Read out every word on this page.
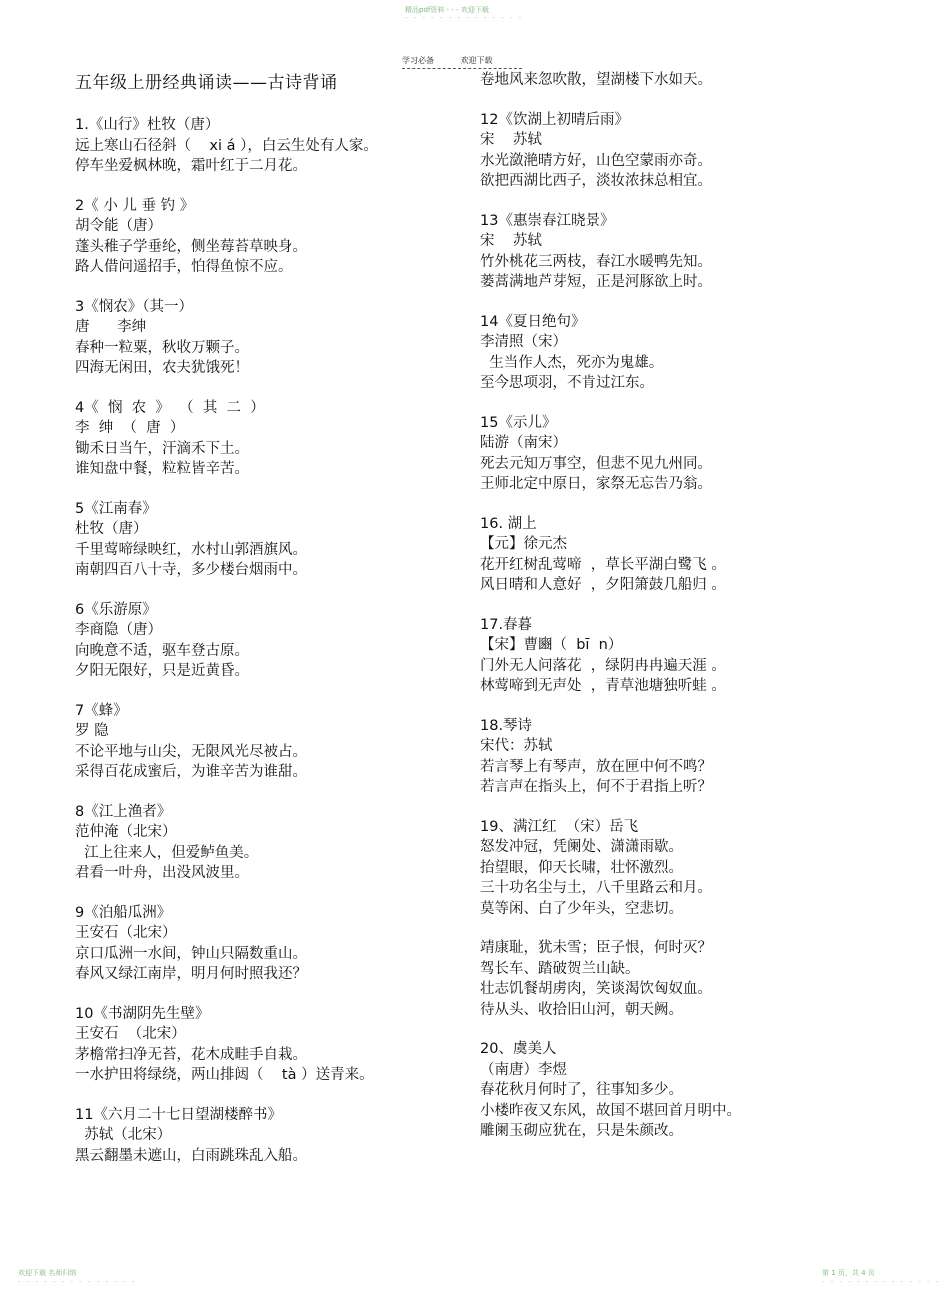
精品pdf资料 - - - 欢迎下载
- - - - - - - - - - - - - -
学习必备	欢迎下载
五年级上册经典诵读——古诗背诵
1.《山行》杜牧（唐）
远上寒山石径斜（    xi á ），白云生处有人家。
停车坐爱枫林晚，霜叶红于二月花。
2《 小 儿 垂 钓 》
胡令能（唐）
蓬头稚子学垂纶，侧坐莓苔草映身。
路人借问遥招手，怕得鱼惊不应。
3《悯农》（其一）
唐      李绅
春种一粒粟，秋收万颗子。
四海无闲田，农夫犹饿死！
4《  悯  农  》  （  其  二  ）
李  绅  （  唐  ）
锄禾日当午，汗滴禾下土。
谁知盘中餐，粒粒皆辛苦。
5《江南春》
杜牧（唐）
千里莺啼绿映红，水村山郭酒旗风。
南朝四百八十寺，多少楼台烟雨中。
6《乐游原》
李商隐（唐）
向晚意不适，驱车登古原。
夕阳无限好，只是近黄昏。
7《蜂》
罗 隐
不论平地与山尖，无限风光尽被占。
采得百花成蜜后，为谁辛苦为谁甜。
8《江上渔者》
范仲淹（北宋）
江上往来人，但爱鲈鱼美。
君看一叶舟，出没风波里。
9《泊船瓜洲》
王安石（北宋）
京口瓜洲一水间，钟山只隔数重山。
春风又绿江南岸，明月何时照我还？
10《书湖阴先生壁》
王安石  （北宋）
茅檐常扫净无苔，花木成畦手自栽。
一水护田将绿绕，两山排闼（    tà ）送青来。
11《六月二十七日望湖楼醉书》
苏轼（北宋）
黑云翻墨未遮山，白雨跳珠乱入船。
卷地风来忽吹散，望湖楼下水如天。
12《饮湖上初晴后雨》
宋    苏轼
水光潋滟晴方好，山色空蒙雨亦奇。
欲把西湖比西子，淡妆浓抹总相宜。
13《惠崇春江晓景》
宋    苏轼
竹外桃花三两枝，春江水暖鸭先知。
蒌蒿满地芦芽短，正是河豚欲上时。
14《夏日绝句》
李清照（宋）
生当作人杰，死亦为鬼雄。
至今思项羽，不肯过江东。
15《示儿》
陆游（南宋）
死去元知万事空，但悲不见九州同。
王师北定中原日，家祭无忘告乃翁。
16. 湖上
【元】徐元杰
花开红树乱莺啼  ，草长平湖白鹭飞 。
风日晴和人意好  ，夕阳箫鼓几船归 。
17.春暮
【宋】曹豳（  bī  n）
门外无人问落花  ，绿阴冉冉遍天涯 。
林莺啼到无声处  ，青草池塘独听蛙 。
18.琴诗
宋代：苏轼
若言琴上有琴声，放在匣中何不鸣？
若言声在指头上，何不于君指上听？
19、满江红  （宋）岳飞
怒发冲冠，凭阑处、潇潇雨歇。
抬望眼，仰天长啸，壮怀激烈。
三十功名尘与土，八千里路云和月。
莫等闲、白了少年头，空悲切。
靖康耻，犹未雪；臣子恨，何时灭？
驾长车、踏破贺兰山缺。
壮志饥餐胡虏肉，笑谈渴饮匈奴血。
待从头、收拾旧山河，朝天阙。
20、虞美人
（南唐）李煜
春花秋月何时了，往事知多少。
小楼昨夜又东风，故国不堪回首月明中。
雕阑玉砌应犹在，只是朱颜改。
欢迎下载 名师归纳
- - - - - - - - - - - - - -
第 1 页，共 4 页
- - - - - - - - - - - - - -
